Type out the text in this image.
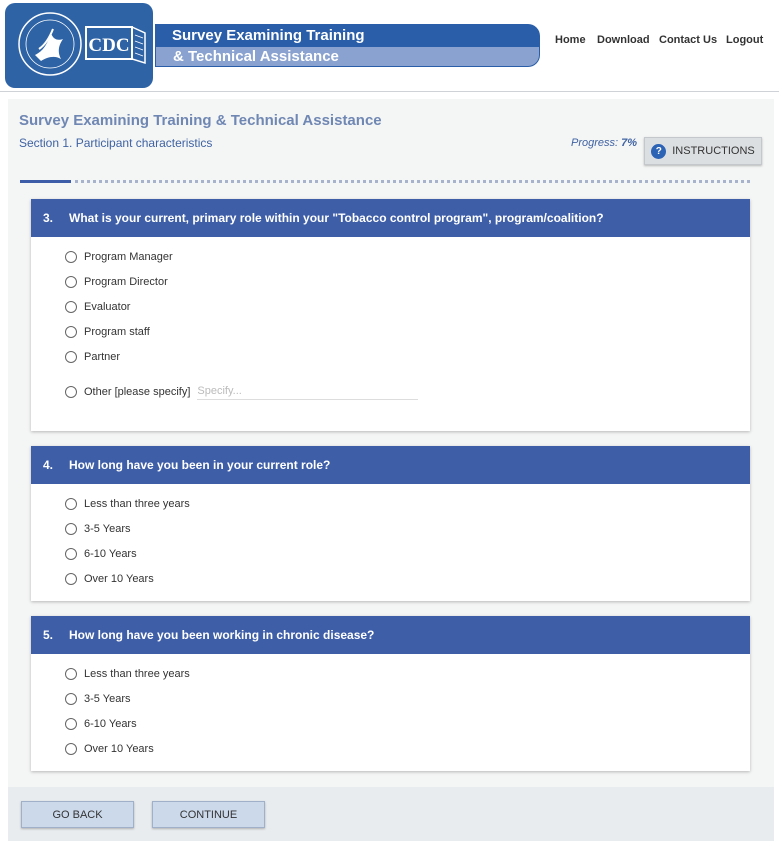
CDC	Survey Examining Training
& Technical Assistance
Home Download Contact Us Logout
Survey Examining Training & Technical Assistance
Section 1. Participant characteristics	Progress: 7%
? INSTRUCTIONS
3.	What is your current, primary role within your "Tobacco control program", program/coalition?
Program Manager
Program Director
Evaluator
Program staff
Partner
Other [please specify]
Specify...
4.	How long have you been in your current role?
Less than three years
3-5 Years
6-10 Years
Over 10 Years
5.	How long have you been working in chronic disease?
Less than three years
3-5 Years
6-10 Years
Over 10 Years
GO BACK	CONTINUE
